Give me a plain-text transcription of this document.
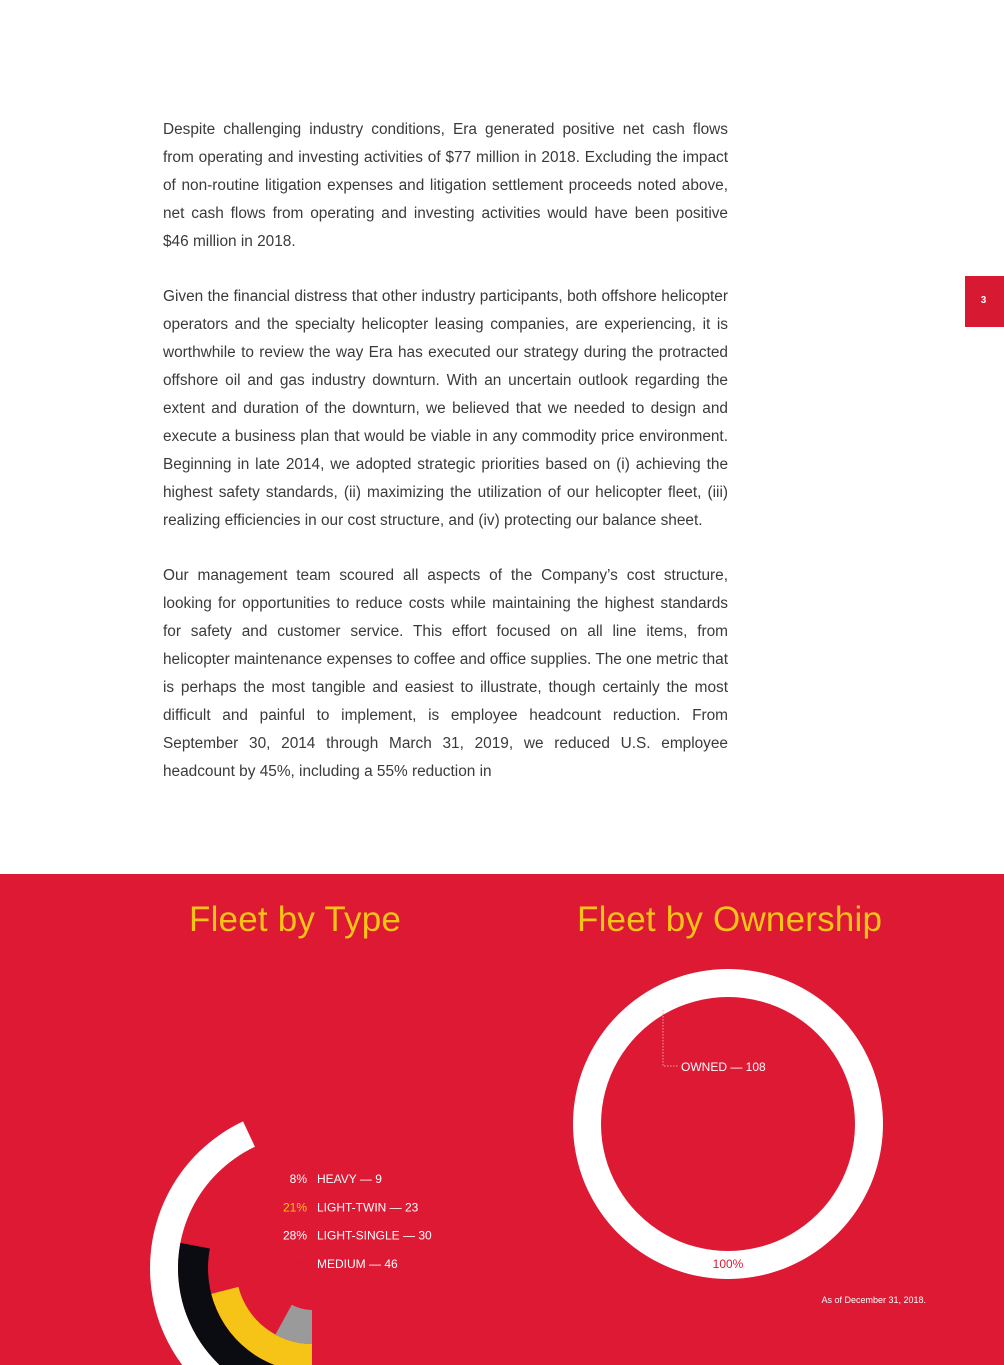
3

Despite challenging industry conditions, Era generated positive net cash flows from operating and investing activities of $77 million in 2018. Excluding the impact of non-routine litigation expenses and litigation settlement proceeds noted above, net cash flows from operating and investing activities would have been positive $46 million in 2018.

Given the financial distress that other industry participants, both offshore helicopter operators and the specialty helicopter leasing companies, are experiencing, it is worthwhile to review the way Era has executed our strategy during the protracted offshore oil and gas industry downturn. With an uncertain outlook regarding the extent and duration of the downturn, we believed that we needed to design and execute a business plan that would be viable in any commodity price environment. Beginning in late 2014, we adopted strategic priorities based on (i) achieving the highest safety standards, (ii) maximizing the utilization of our helicopter fleet, (iii) realizing efficiencies in our cost structure, and (iv) protecting our balance sheet.

Our management team scoured all aspects of the Company’s cost structure, looking for opportunities to reduce costs while maintaining the highest standards for safety and customer service. This effort focused on all line items, from helicopter maintenance expenses to coffee and office supplies. The one metric that is perhaps the most tangible and easiest to illustrate, though certainly the most difficult and painful to implement, is employee headcount reduction. From September 30, 2014 through March 31, 2019, we reduced U.S. employee headcount by 45%, including a 55% reduction in

Fleet by Type	Fleet by Ownership
8% HEAVY — 9
21% LIGHT-TWIN — 23
28% LIGHT-SINGLE — 30
43% MEDIUM — 46
OWNED — 108
100%
As of December 31, 2018.
